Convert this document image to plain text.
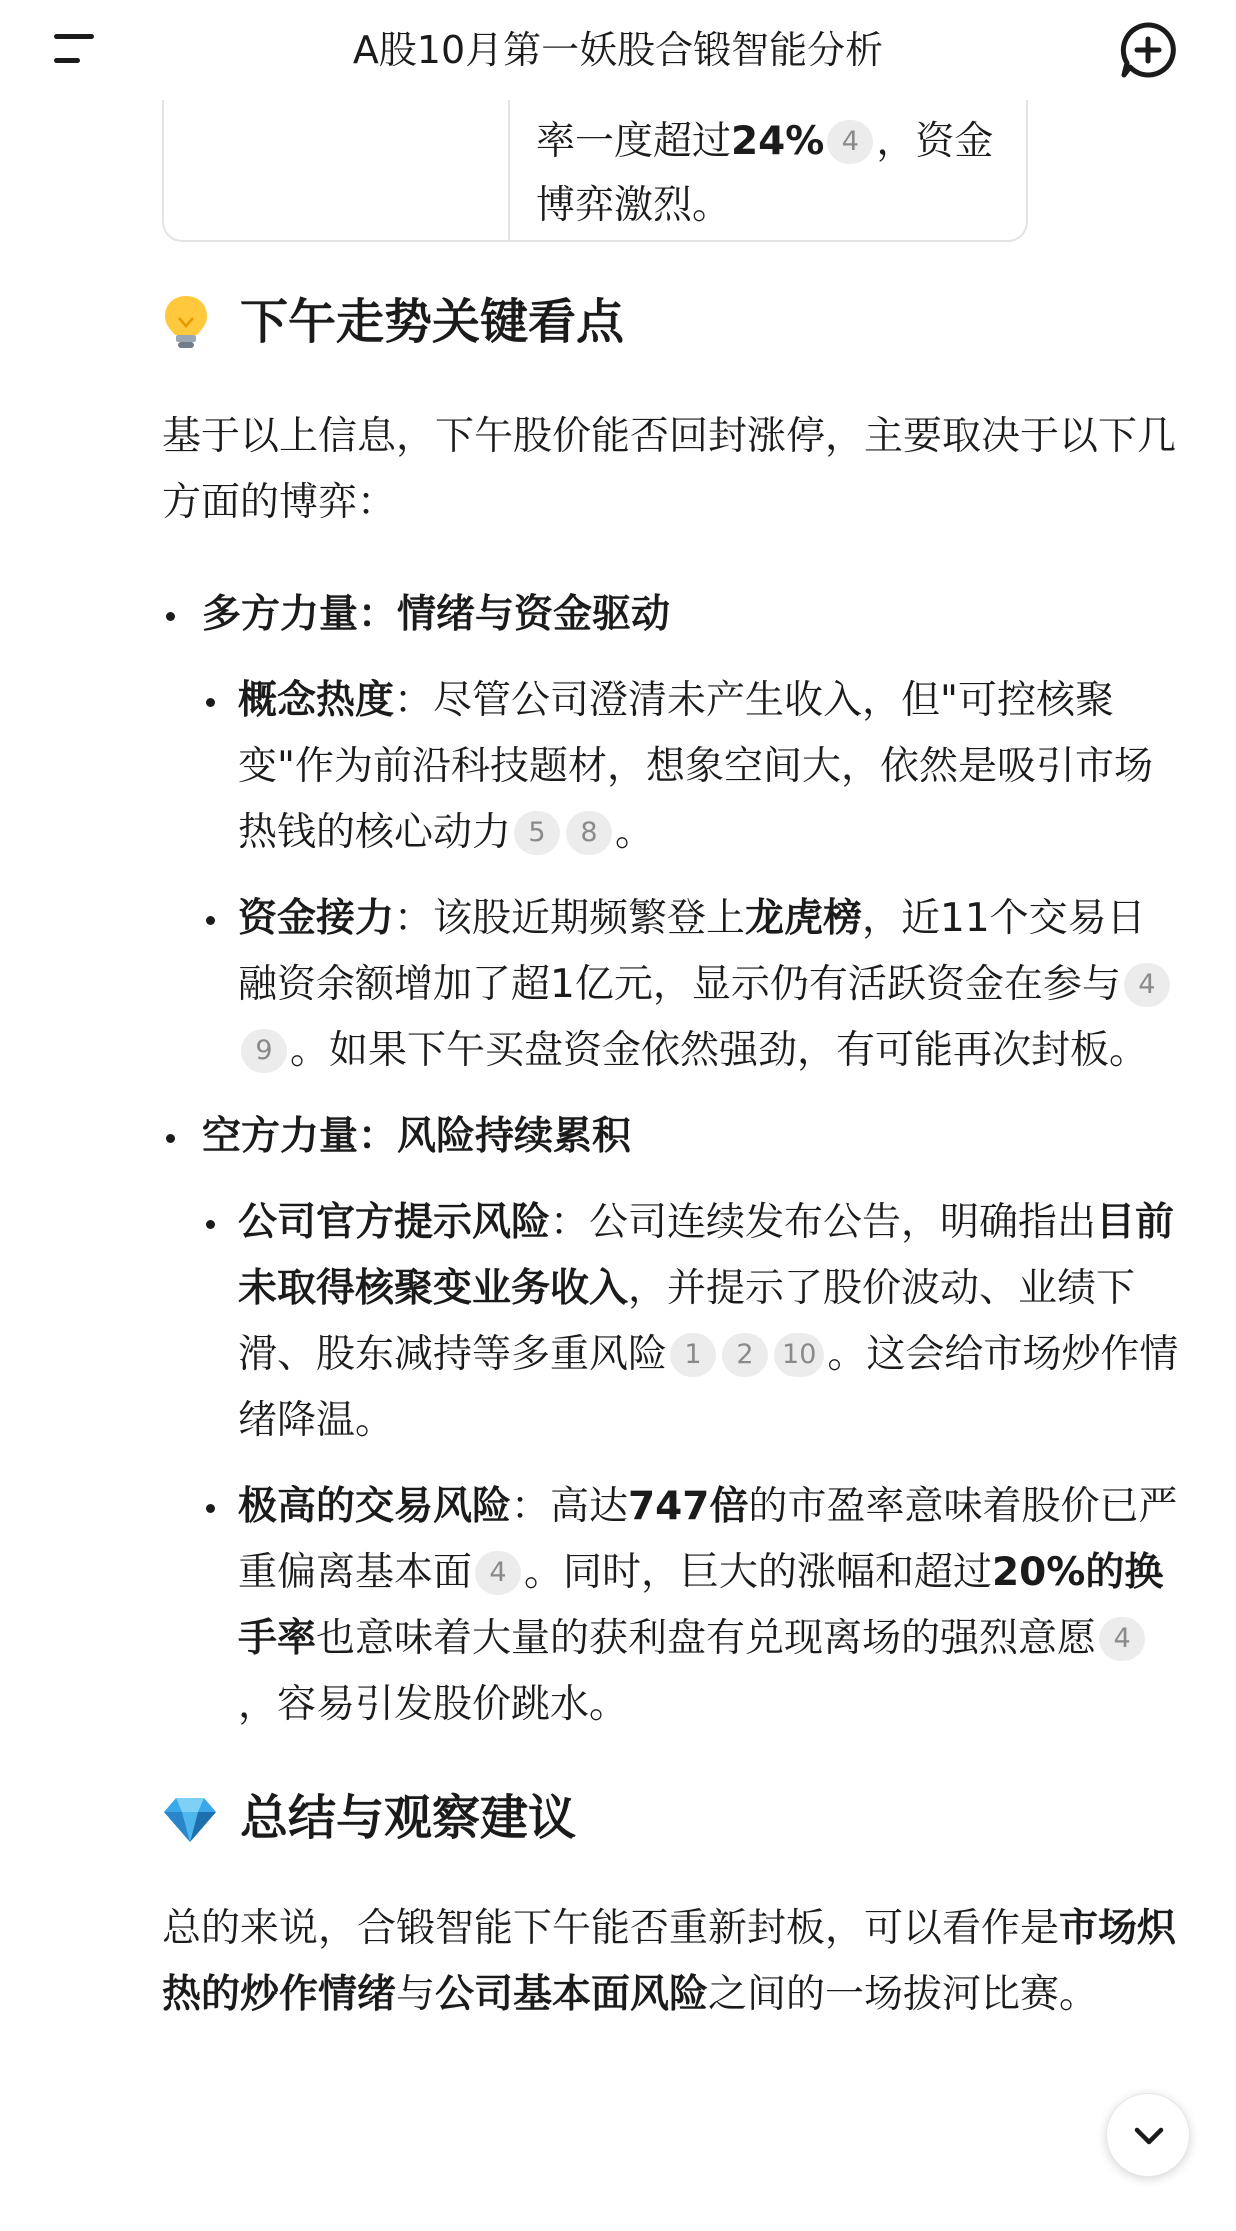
A股10月第一妖股合锻智能分析
率一度超过24% 4 ，资金博弈激烈。
下午走势关键看点

基于以上信息，下午股价能否回封涨停，主要取决于以下几方面的博弈：

多方力量：情绪与资金驱动
概念热度：尽管公司澄清未产生收入，但"可控核聚变"作为前沿科技题材，想象空间大，依然是吸引市场热钱的核心动力 5 8 。
资金接力：该股近期频繁登上龙虎榜，近11个交易日融资余额增加了超1亿元，显示仍有活跃资金在参与 49 。如果下午买盘资金依然强劲，有可能再次封板。
空方力量：风险持续累积
公司官方提示风险：公司连续发布公告，明确指出目前未取得核聚变业务收入，并提示了股价波动、业绩下滑、股东减持等多重风险 1 2 10 。这会给市场炒作情绪降温。
极高的交易风险：高达747倍的市盈率意味着股价已严重偏离基本面 4 。同时，巨大的涨幅和超过20%的换手率也意味着大量的获利盘有兑现离场的强烈意愿 4，容易引发股价跳水。
总结与观察建议

总的来说，合锻智能下午能否重新封板，可以看作是市场炽热的炒作情绪与公司基本面风险之间的一场拔河比赛。
